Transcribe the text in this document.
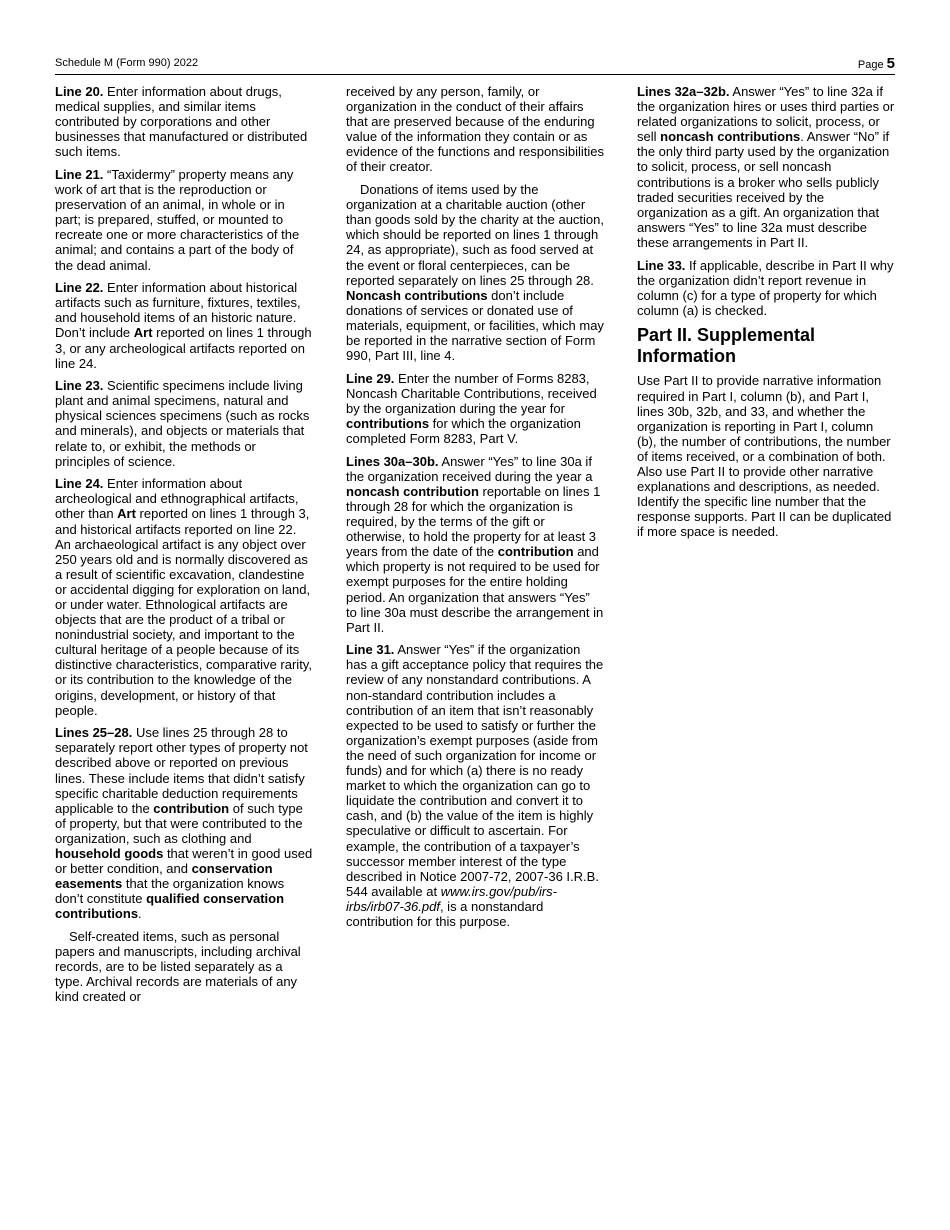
Schedule M (Form 990) 2022	Page 5

Line 20. Enter information about drugs, medical supplies, and similar items contributed by corporations and other businesses that manufactured or distributed such items.

Line 21. “Taxidermy” property means any work of art that is the reproduction or preservation of an animal, in whole or in part; is prepared, stuffed, or mounted to recreate one or more characteristics of the animal; and contains a part of the body of the dead animal.

Line 22. Enter information about historical artifacts such as furniture, fixtures, textiles, and household items of an historic nature. Don’t include Art reported on lines 1 through 3, or any archeological artifacts reported on line 24.

Line 23. Scientific specimens include living plant and animal specimens, natural and physical sciences specimens (such as rocks and minerals), and objects or materials that relate to, or exhibit, the methods or principles of science.

Line 24. Enter information about archeological and ethnographical artifacts, other than Art reported on lines 1 through 3, and historical artifacts reported on line 22. An archaeological artifact is any object over 250 years old and is normally discovered as a result of scientific excavation, clandestine or accidental digging for exploration on land, or under water. Ethnological artifacts are objects that are the product of a tribal or nonindustrial society, and important to the cultural heritage of a people because of its distinctive characteristics, comparative rarity, or its contribution to the knowledge of the origins, development, or history of that people.

Lines 25–28. Use lines 25 through 28 to separately report other types of property not described above or reported on previous lines. These include items that didn’t satisfy specific charitable deduction requirements applicable to the contribution of such type of property, but that were contributed to the organization, such as clothing and household goods that weren’t in good used or better condition, and conservation easements that the organization knows don’t constitute qualified conservation contributions.

Self-created items, such as personal papers and manuscripts, including archival records, are to be listed separately as a type. Archival records are materials of any kind created or

received by any person, family, or organization in the conduct of their affairs that are preserved because of the enduring value of the information they contain or as evidence of the functions and responsibilities of their creator.

Donations of items used by the organization at a charitable auction (other than goods sold by the charity at the auction, which should be reported on lines 1 through 24, as appropriate), such as food served at the event or floral centerpieces, can be reported separately on lines 25 through 28. Noncash contributions don’t include donations of services or donated use of materials, equipment, or facilities, which may be reported in the narrative section of Form 990, Part III, line 4.

Line 29. Enter the number of Forms 8283, Noncash Charitable Contributions, received by the organization during the year for contributions for which the organization completed Form 8283, Part V.

Lines 30a–30b. Answer “Yes” to line 30a if the organization received during the year a noncash contribution reportable on lines 1 through 28 for which the organization is required, by the terms of the gift or otherwise, to hold the property for at least 3 years from the date of the contribution and which property is not required to be used for exempt purposes for the entire holding period. An organization that answers “Yes” to line 30a must describe the arrangement in Part II.

Line 31. Answer “Yes” if the organization has a gift acceptance policy that requires the review of any nonstandard contributions. A non-standard contribution includes a contribution of an item that isn’t reasonably expected to be used to satisfy or further the organization’s exempt purposes (aside from the need of such organization for income or funds) and for which (a) there is no ready market to which the organization can go to liquidate the contribution and convert it to cash, and (b) the value of the item is highly speculative or difficult to ascertain. For example, the contribution of a taxpayer’s successor member interest of the type described in Notice 2007-72, 2007-36 I.R.B. 544 available at www.irs.gov/pub/irs-irbs/irb07-36.pdf, is a nonstandard contribution for this purpose.

Lines 32a–32b. Answer “Yes” to line 32a if the organization hires or uses third parties or related organizations to solicit, process, or sell noncash contributions. Answer “No” if the only third party used by the organization to solicit, process, or sell noncash contributions is a broker who sells publicly traded securities received by the organization as a gift. An organization that answers “Yes” to line 32a must describe these arrangements in Part II.

Line 33. If applicable, describe in Part II why the organization didn’t report revenue in column (c) for a type of property for which column (a) is checked.

Part II. Supplemental Information

Use Part II to provide narrative information required in Part I, column (b), and Part I, lines 30b, 32b, and 33, and whether the organization is reporting in Part I, column (b), the number of contributions, the number of items received, or a combination of both. Also use Part II to provide other narrative explanations and descriptions, as needed. Identify the specific line number that the response supports. Part II can be duplicated if more space is needed.
